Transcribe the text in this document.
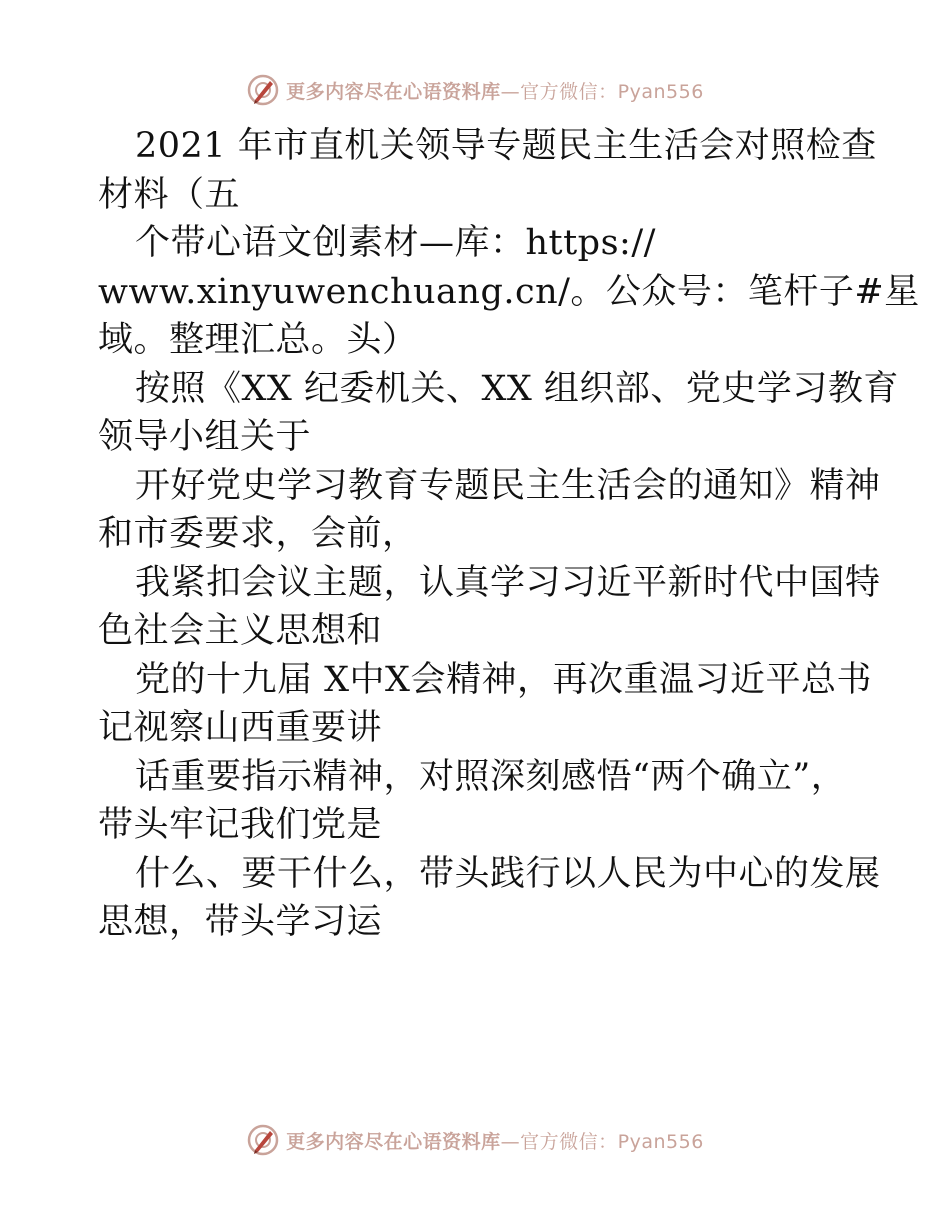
更多内容尽在心语资料库 —官方微信：Pyan556
2021 年市直机关领导专题民主生活会对照检查
材料（五
个带心语文创素材—库：https://
www.xinyuwenchuang.cn/。公众号：笔杆子#星
域。整理汇总。头）
按照《XX 纪委机关、XX 组织部、党史学习教育
领导小组关于
开好党史学习教育专题民主生活会的通知》精神
和市委要求，会前，
我紧扣会议主题，认真学习习近平新时代中国特
色社会主义思想和
党的十九届 X中X会精神，再次重温习近平总书
记视察山西重要讲
话重要指示精神，对照深刻感悟“两个确立”，
带头牢记我们党是
什么、要干什么，带头践行以人民为中心的发展
思想，带头学习运
更多内容尽在心语资料库 —官方微信：Pyan556
